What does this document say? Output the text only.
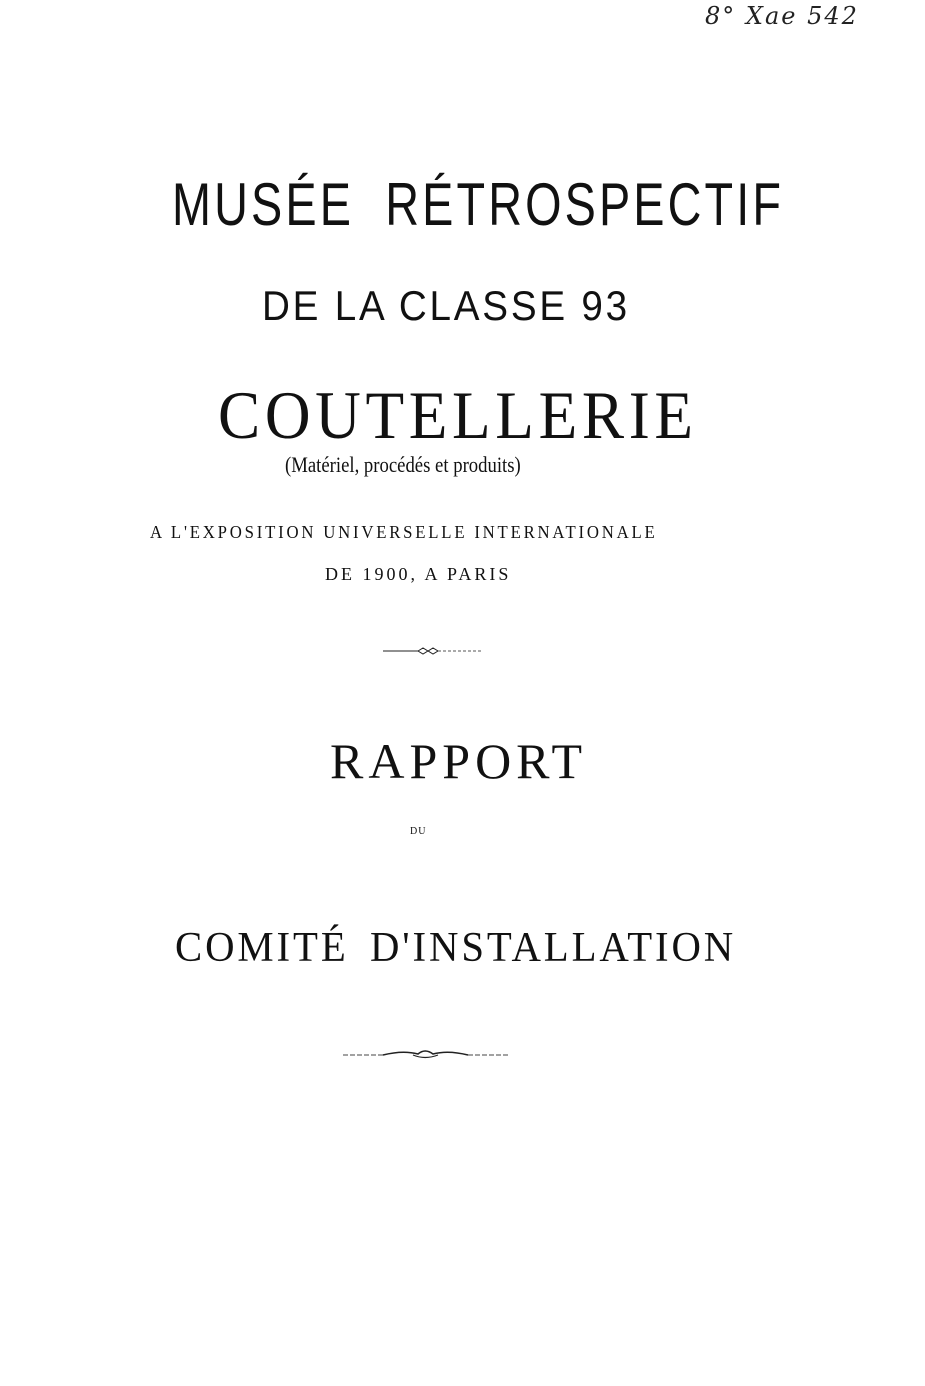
8° Xae 542
MUSÉE RÉTROSPECTIF
DE LA CLASSE 93
COUTELLERIE
(Matériel, procédés et produits)
A L'EXPOSITION UNIVERSELLE INTERNATIONALE
DE 1900, A PARIS
RAPPORT
DU
COMITÉ D'INSTALLATION
